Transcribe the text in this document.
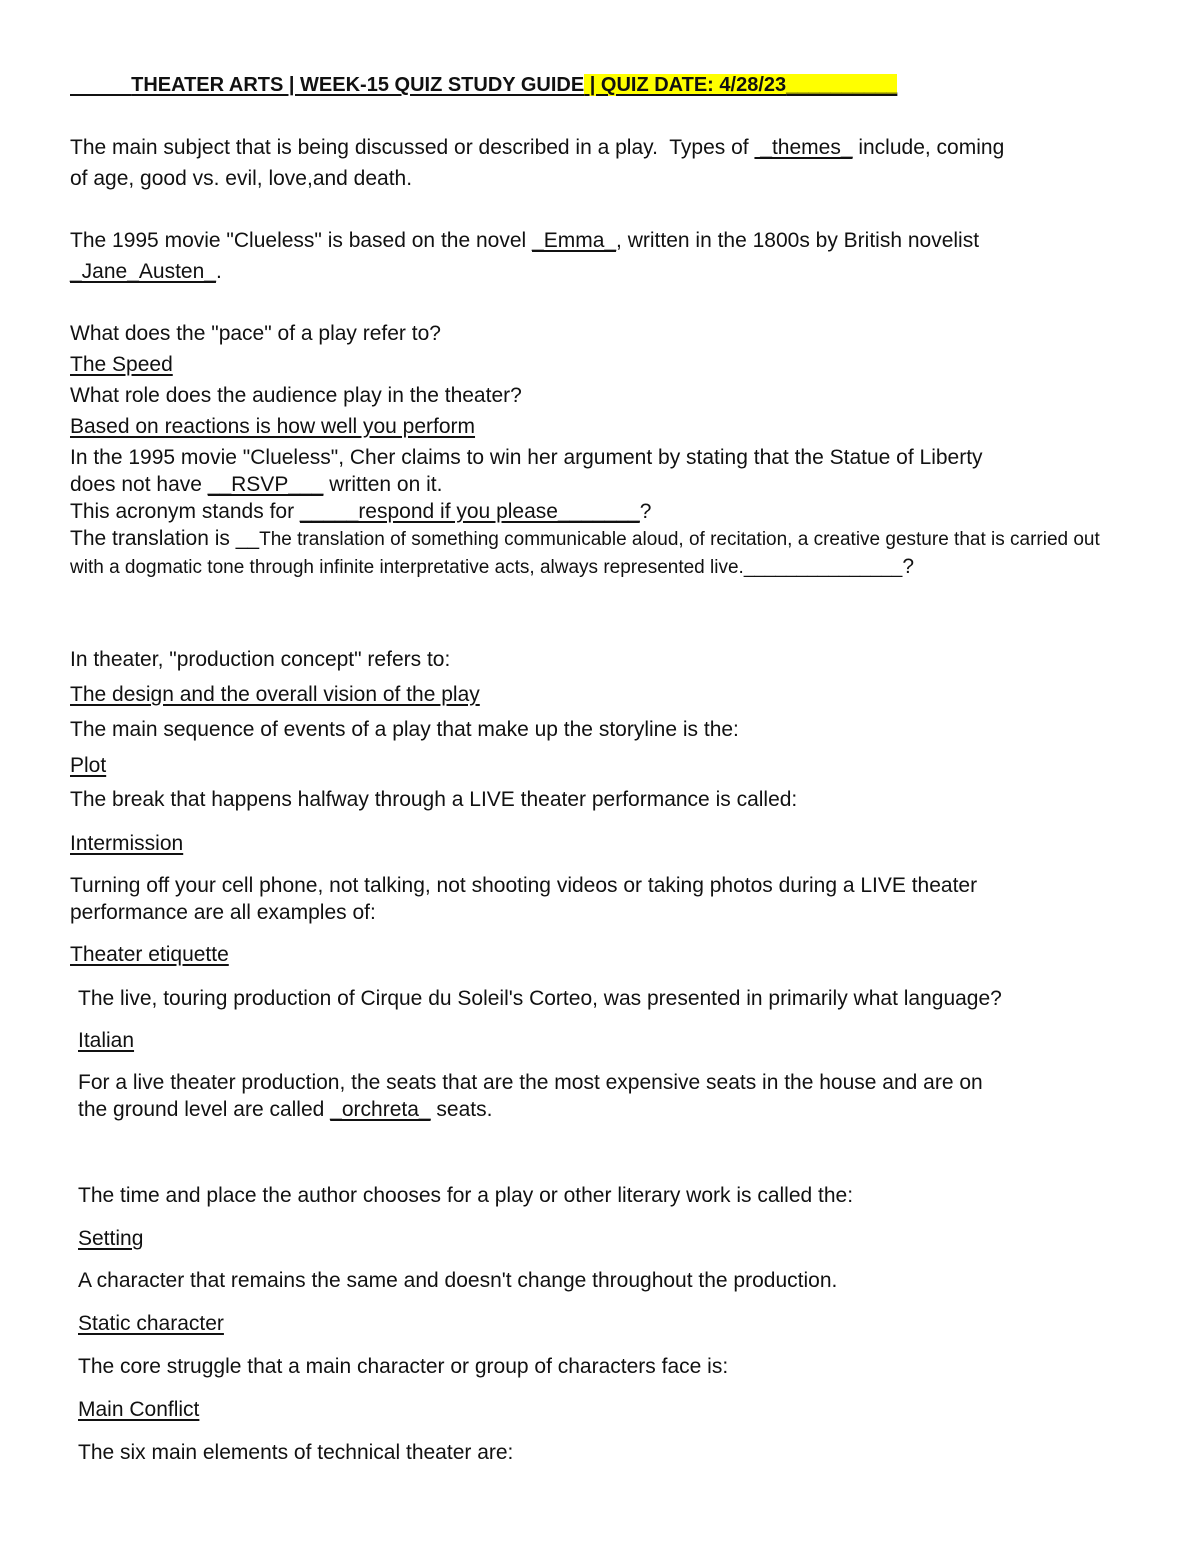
THEATER ARTS | WEEK-15 QUIZ STUDY GUIDE | QUIZ DATE: 4/28/23__________
The main subject that is being discussed or described in a play.  Types of  _themes_ include, coming
of age, good vs. evil, love,and death.
The 1995 movie "Clueless" is based on the novel _Emma_, written in the 1800s by British novelist
_Jane_Austen_.
What does the "pace" of a play refer to?
The Speed
What role does the audience play in the theater?
Based on reactions is how well you perform
In the 1995 movie "Clueless", Cher claims to win her argument by stating that the Statue of Liberty
does not have __RSVP___ written on it.
This acronym stands for _____respond if you please_______?
The translation is __The translation of something communicable aloud, of recitation, a creative gesture that is carried out with a dogmatic tone through infinite interpretative acts, always represented live._______________?
In theater, "production concept" refers to:
The design and the overall vision of the play
The main sequence of events of a play that make up the storyline is the:
Plot
The break that happens halfway through a LIVE theater performance is called:
Intermission
Turning off your cell phone, not talking, not shooting videos or taking photos during a LIVE theater
performance are all examples of:
Theater etiquette
The live, touring production of Cirque du Soleil's Corteo, was presented in primarily what language?
Italian
For a live theater production, the seats that are the most expensive seats in the house and are on
the ground level are called _orchreta_ seats.
The time and place the author chooses for a play or other literary work is called the:
Setting
A character that remains the same and doesn't change throughout the production.
Static character
The core struggle that a main character or group of characters face is:
Main Conflict
The six main elements of technical theater are:
